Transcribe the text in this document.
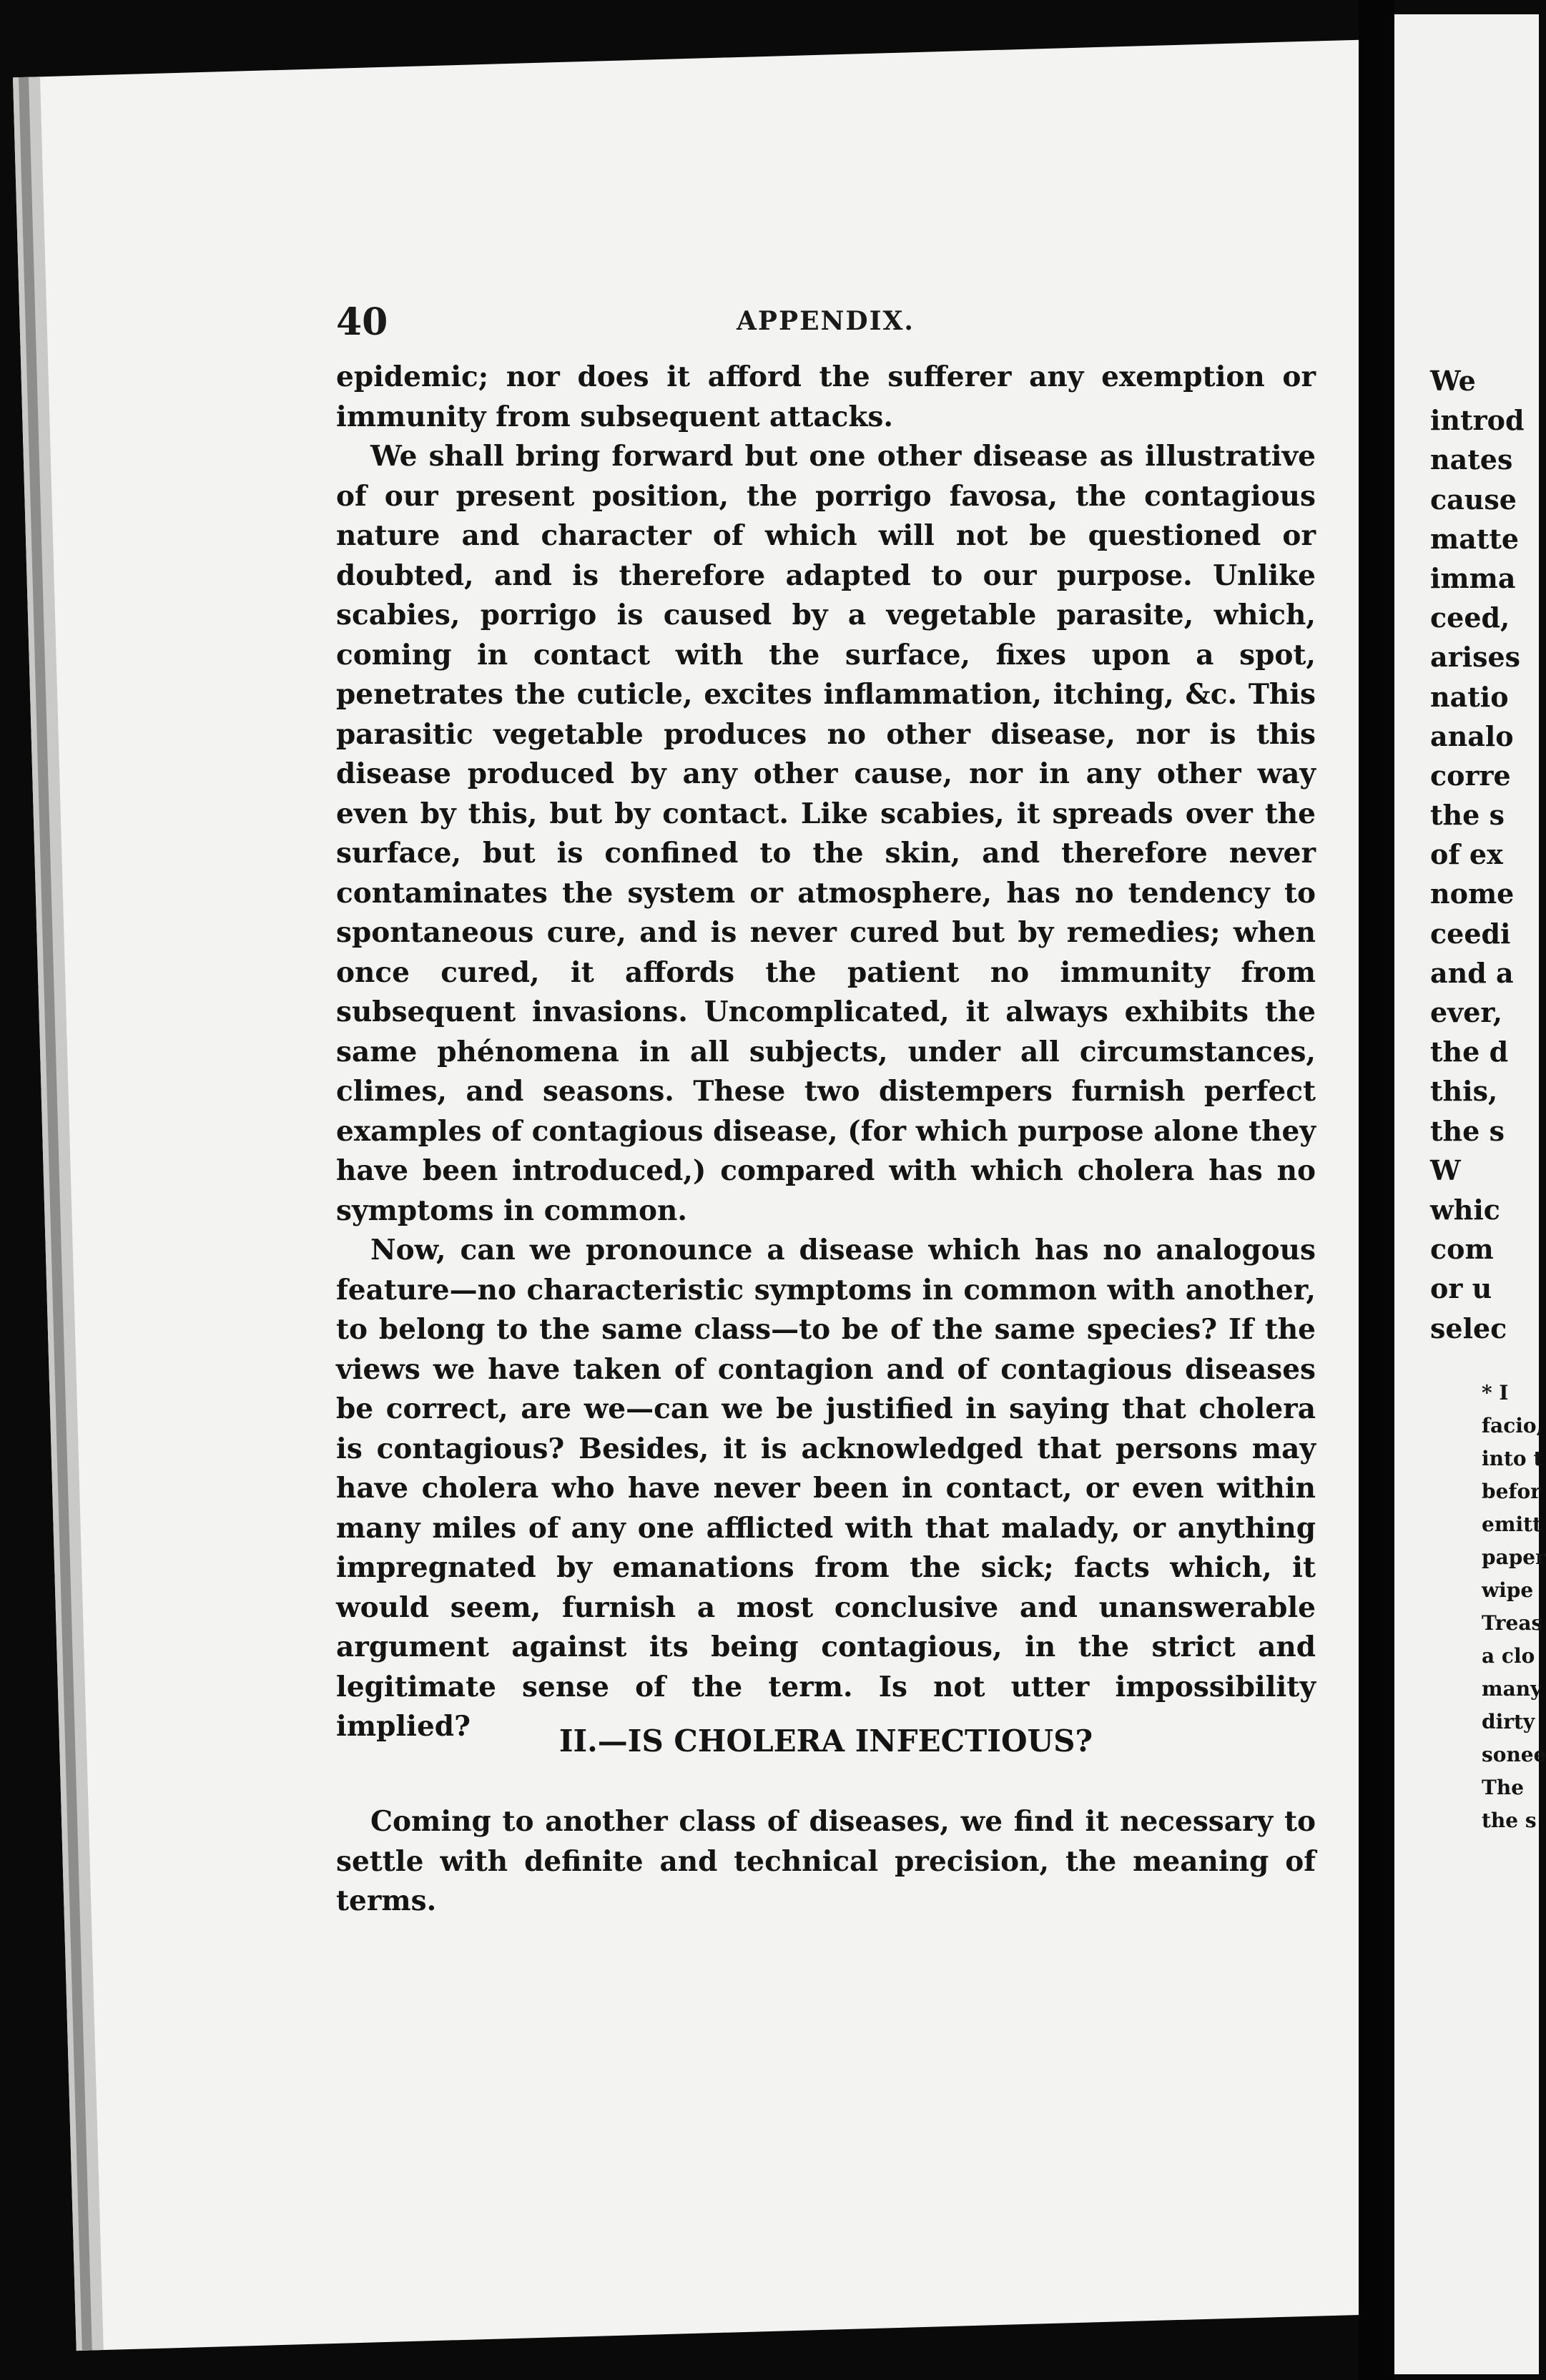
40	APPENDIX.

epidemic; nor does it afford the sufferer any exemption or immunity from subsequent attacks.

We shall bring forward but one other disease as illustrative of our present position, the porrigo favosa, the contagious nature and character of which will not be questioned or doubted, and is therefore adapted to our purpose. Unlike scabies, porrigo is caused by a vegetable parasite, which, coming in contact with the surface, fixes upon a spot, penetrates the cuticle, excites inflammation, itching, &c. This parasitic vegetable produces no other disease, nor is this disease produced by any other cause, nor in any other way even by this, but by contact. Like scabies, it spreads over the surface, but is confined to the skin, and therefore never contaminates the system or atmosphere, has no tendency to spontaneous cure, and is never cured but by remedies; when once cured, it affords the patient no immunity from subsequent invasions. Uncomplicated, it always exhibits the same phénomena in all subjects, under all circumstances, climes, and seasons. These two distempers furnish perfect examples of contagious disease, (for which purpose alone they have been introduced,) compared with which cholera has no symptoms in common.

Now, can we pronounce a disease which has no analogous feature—no characteristic symptoms in common with another, to belong to the same class—to be of the same species? If the views we have taken of contagion and of contagious diseases be correct, are we—can we be justified in saying that cholera is contagious? Besides, it is acknowledged that persons may have cholera who have never been in contact, or even within many miles of any one afflicted with that malady, or anything impregnated by emanations from the sick; facts which, it would seem, furnish a most conclusive and unanswerable argument against its being contagious, in the strict and legitimate sense of the term. Is not utter impossibility implied?	II.—IS CHOLERA INFECTIOUS?

Coming to another class of diseases, we find it necessary to settle with definite and technical precision, the meaning of terms.

We
introd
nates
cause
matte
imma
ceed,
arises
natio
analo
corre
the s
of ex
nome
ceedi
and a
ever,
the d
this,
the s
W
whic
com
or u
selec
* I
facio,
into t
befor
emitt
paper
wipe
Treas
a clo
many
dirty
sonee
The
the s
